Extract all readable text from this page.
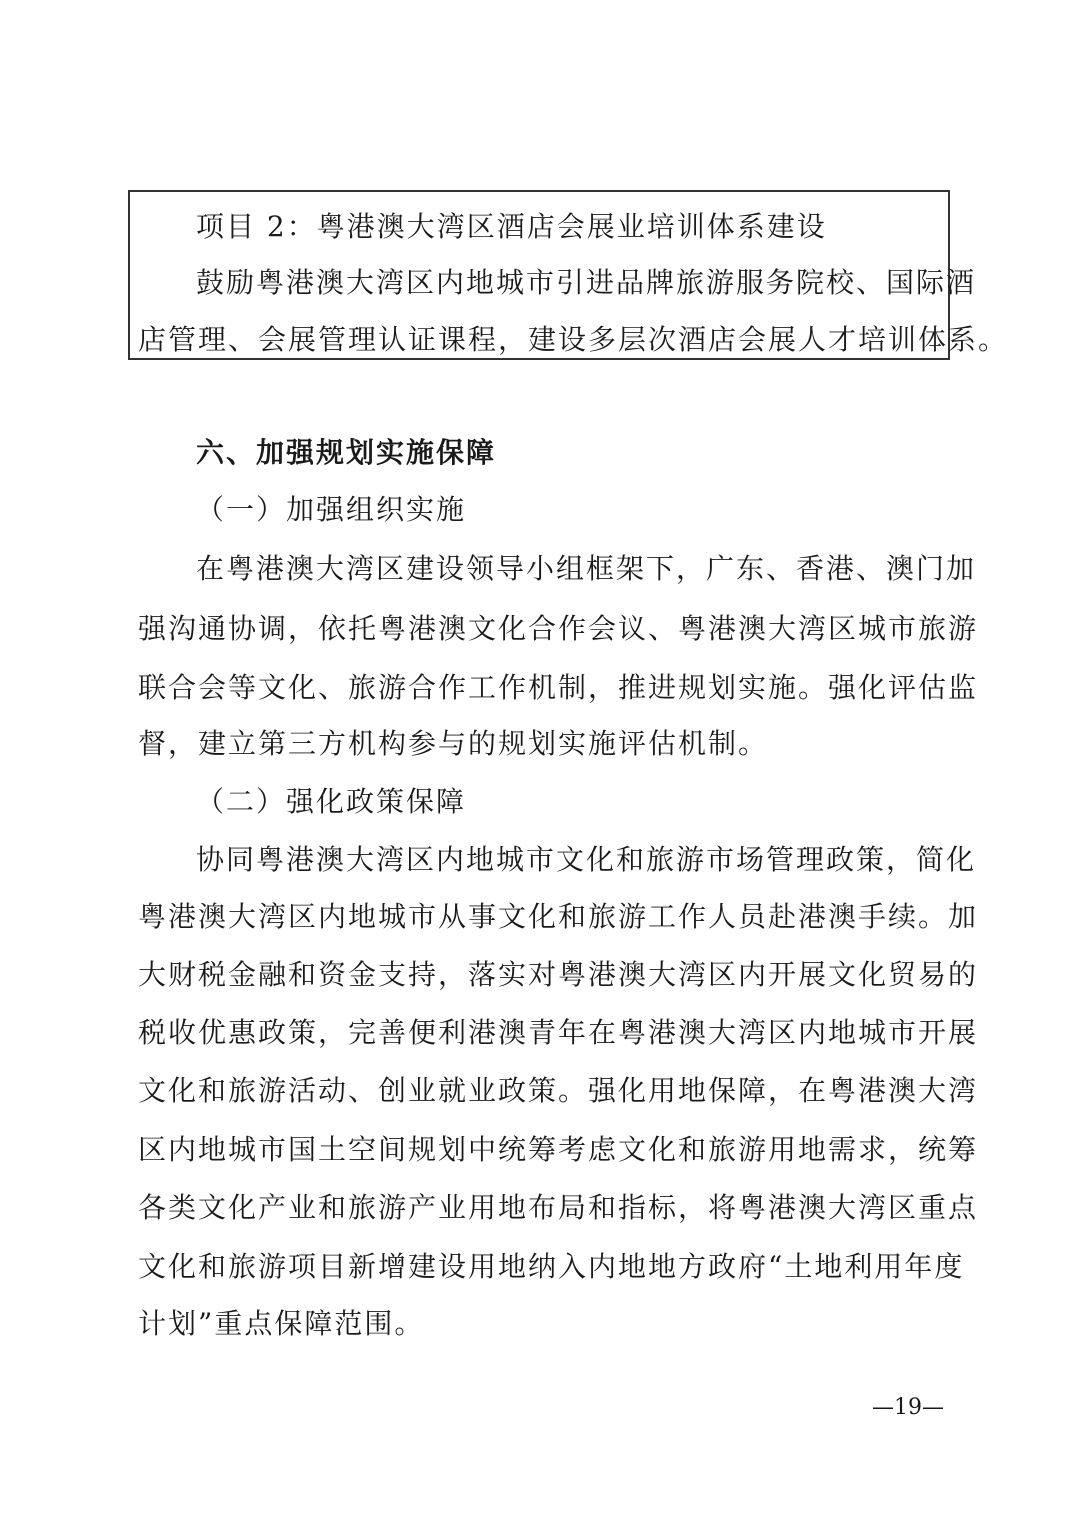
项目 2：粤港澳大湾区酒店会展业培训体系建设
鼓励粤港澳大湾区内地城市引进品牌旅游服务院校、国际酒
店管理、会展管理认证课程，建设多层次酒店会展人才培训体系。
六、加强规划实施保障
（一）加强组织实施
在粤港澳大湾区建设领导小组框架下，广东、香港、澳门加
强沟通协调，依托粤港澳文化合作会议、粤港澳大湾区城市旅游
联合会等文化、旅游合作工作机制，推进规划实施。强化评估监
督，建立第三方机构参与的规划实施评估机制。
（二）强化政策保障
协同粤港澳大湾区内地城市文化和旅游市场管理政策，简化
粤港澳大湾区内地城市从事文化和旅游工作人员赴港澳手续。加
大财税金融和资金支持，落实对粤港澳大湾区内开展文化贸易的
税收优惠政策，完善便利港澳青年在粤港澳大湾区内地城市开展
文化和旅游活动、创业就业政策。强化用地保障，在粤港澳大湾
区内地城市国土空间规划中统筹考虑文化和旅游用地需求，统筹
各类文化产业和旅游产业用地布局和指标，将粤港澳大湾区重点
文化和旅游项目新增建设用地纳入内地地方政府“土地利用年度
计划”重点保障范围。
—19—
